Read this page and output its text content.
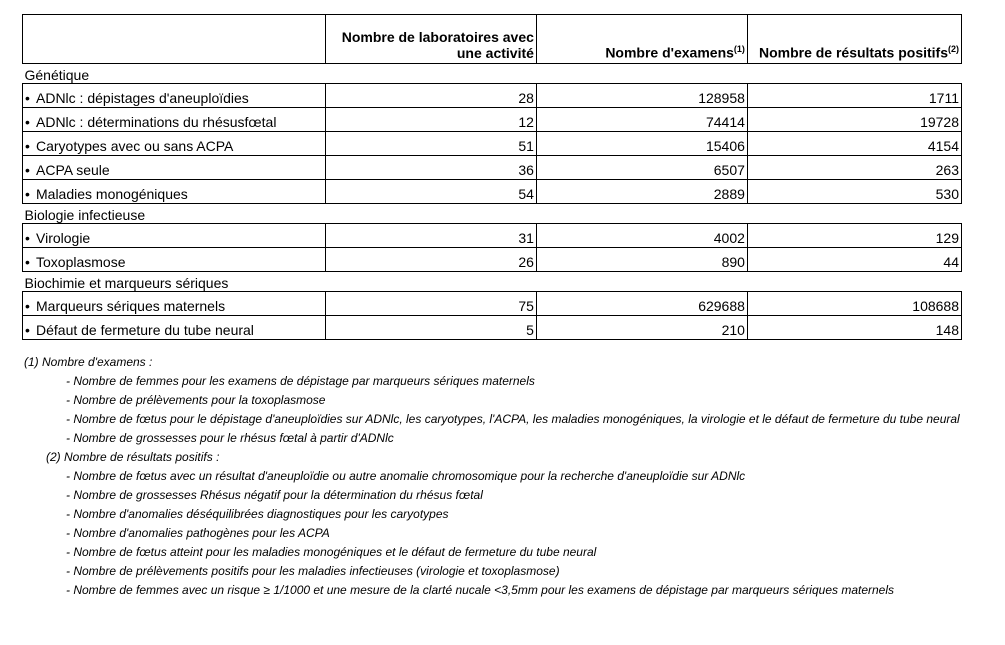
	Nombre de laboratoires avec une activité	Nombre d'examens$^{(1)}$	Nombre de résultats positifs$^{(2)}$
Génétique			
• ADNlc : dépistages d'aneuploïdies	28	128958	1711
• ADNlc : déterminations du rhésusfœtal	12	74414	19728
• Caryotypes avec ou sans ACPA	51	15406	4154
• ACPA seule	36	6507	263
• Maladies monogéniques	54	2889	530
Biologie infectieuse			
• Virologie	31	4002	129
• Toxoplasmose	26	890	44
Biochimie et marqueurs sériques			
• Marqueurs sériques maternels	75	629688	108688
• Défaut de fermeture du tube neural	5	210	148
(1) Nombre d'examens :
- Nombre de femmes pour les examens de dépistage par marqueurs sériques maternels
- Nombre de prélèvements pour la toxoplasmose
- Nombre de fœtus pour le dépistage d'aneuploïdies sur ADNlc, les caryotypes, l'ACPA, les maladies monogéniques, la virologie et le défaut de fermeture du tube neural
- Nombre de grossesses pour le rhésus fœtal à partir d'ADNlc
(2) Nombre de résultats positifs :
- Nombre de fœtus avec un résultat d'aneuploïdie ou autre anomalie chromosomique pour la recherche d'aneuploïdie sur ADNlc
- Nombre de grossesses Rhésus négatif pour la détermination du rhésus fœtal
- Nombre d'anomalies déséquilibrées diagnostiques pour les caryotypes
- Nombre d'anomalies pathogènes pour les ACPA
- Nombre de fœtus atteint pour les maladies monogéniques et le défaut de fermeture du tube neural
- Nombre de prélèvements positifs pour les maladies infectieuses (virologie et toxoplasmose)
- Nombre de femmes avec un risque ≥ 1/1000 et une mesure de la clarté nucale <3,5mm pour les examens de dépistage par marqueurs sériques maternels
